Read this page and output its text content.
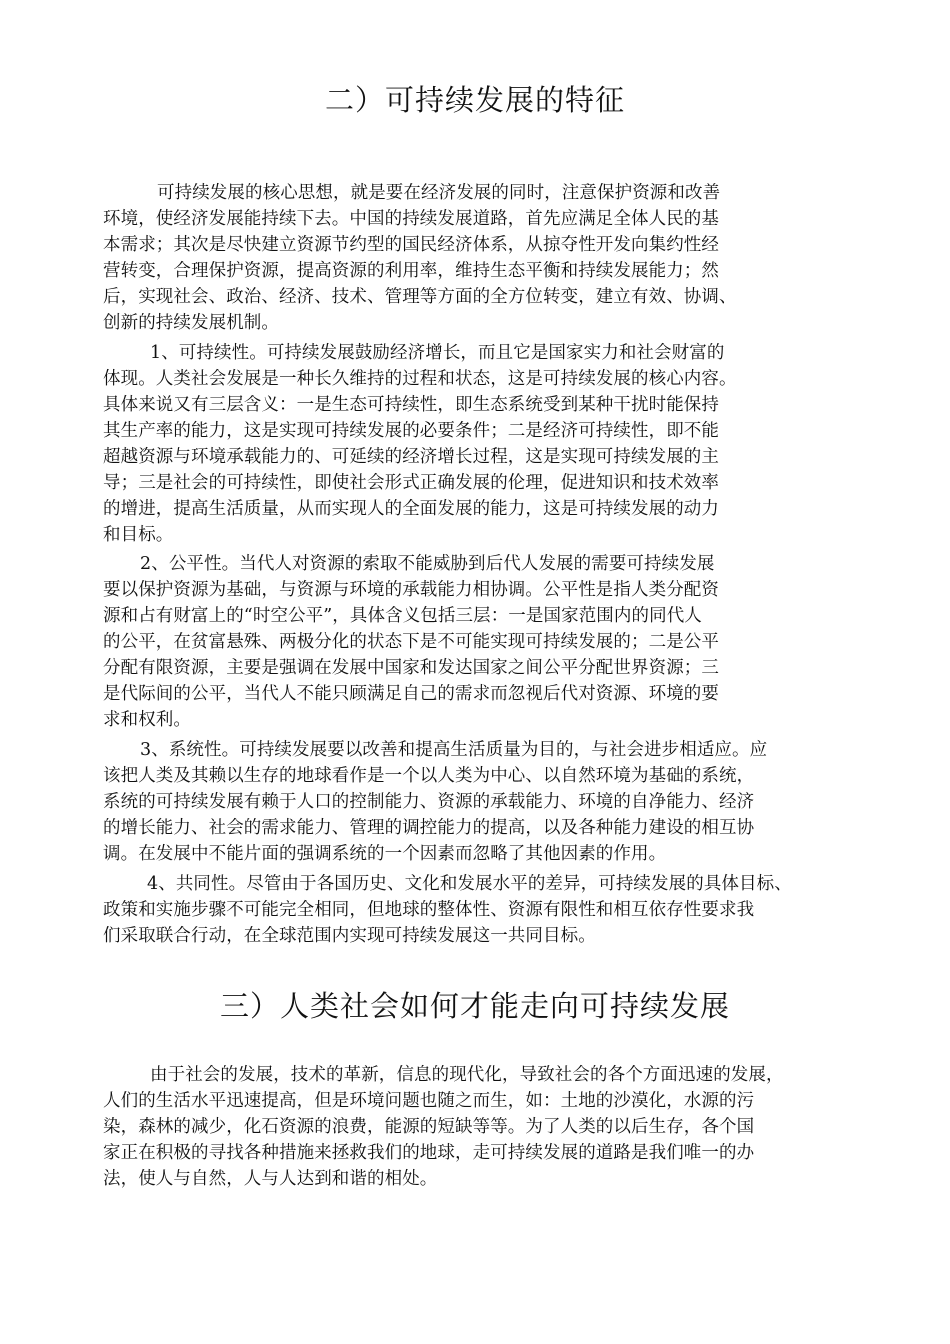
二）可持续发展的特征
可持续发展的核心思想，就是要在经济发展的同时，注意保护资源和改善
环境，使经济发展能持续下去。中国的持续发展道路，首先应满足全体人民的基
本需求；其次是尽快建立资源节约型的国民经济体系，从掠夺性开发向集约性经
营转变，合理保护资源，提高资源的利用率，维持生态平衡和持续发展能力；然
后，实现社会、政治、经济、技术、管理等方面的全方位转变，建立有效、协调、
创新的持续发展机制。
1、可持续性。可持续发展鼓励经济增长，而且它是国家实力和社会财富的
体现。人类社会发展是一种长久维持的过程和状态，这是可持续发展的核心内容。
具体来说又有三层含义：一是生态可持续性，即生态系统受到某种干扰时能保持
其生产率的能力，这是实现可持续发展的必要条件；二是经济可持续性，即不能
超越资源与环境承载能力的、可延续的经济增长过程，这是实现可持续发展的主
导；三是社会的可持续性，即使社会形式正确发展的伦理，促进知识和技术效率
的增进，提高生活质量，从而实现人的全面发展的能力，这是可持续发展的动力
和目标。
2、公平性。当代人对资源的索取不能威胁到后代人发展的需要可持续发展
要以保护资源为基础，与资源与环境的承载能力相协调。公平性是指人类分配资
源和占有财富上的“时空公平”，具体含义包括三层：一是国家范围内的同代人
的公平，在贫富悬殊、两极分化的状态下是不可能实现可持续发展的；二是公平
分配有限资源，主要是强调在发展中国家和发达国家之间公平分配世界资源；三
是代际间的公平，当代人不能只顾满足自己的需求而忽视后代对资源、环境的要
求和权利。
3、系统性。可持续发展要以改善和提高生活质量为目的，与社会进步相适应。应
该把人类及其赖以生存的地球看作是一个以人类为中心、以自然环境为基础的系统，
系统的可持续发展有赖于人口的控制能力、资源的承载能力、环境的自净能力、经济
的增长能力、社会的需求能力、管理的调控能力的提高，以及各种能力建设的相互协
调。在发展中不能片面的强调系统的一个因素而忽略了其他因素的作用。
4、共同性。尽管由于各国历史、文化和发展水平的差异，可持续发展的具体目标、
政策和实施步骤不可能完全相同，但地球的整体性、资源有限性和相互依存性要求我
们采取联合行动，在全球范围内实现可持续发展这一共同目标。
三）人类社会如何才能走向可持续发展
由于社会的发展，技术的革新，信息的现代化，导致社会的各个方面迅速的发展，
人们的生活水平迅速提高，但是环境问题也随之而生，如：土地的沙漠化，水源的污
染，森林的减少，化石资源的浪费，能源的短缺等等。为了人类的以后生存，各个国
家正在积极的寻找各种措施来拯救我们的地球，走可持续发展的道路是我们唯一的办
法，使人与自然，人与人达到和谐的相处。
